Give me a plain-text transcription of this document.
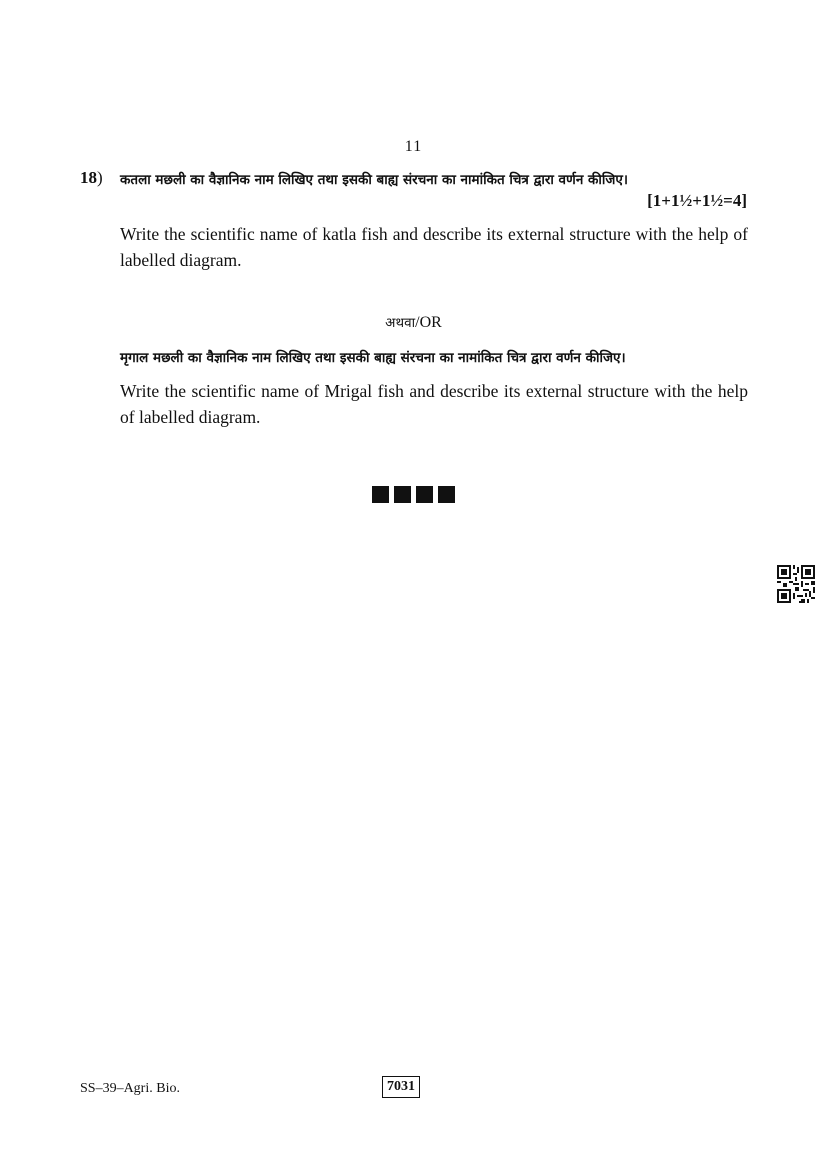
11
18) कतला मछली का वैज्ञानिक नाम लिखिए तथा इसकी बाह्य संरचना का नामांकित चित्र द्वारा वर्णन कीजिए।
[1+1½+1½=4]
Write the scientific name of katla fish and describe its external structure with the help of labelled diagram.
अथवा/OR
मृगाल मछली का वैज्ञानिक नाम लिखिए तथा इसकी बाह्य संरचना का नामांकित चित्र द्वारा वर्णन कीजिए।
Write the scientific name of Mrigal fish and describe its external structure with the help of labelled diagram.
SS–39–Agri. Bio.	7031
